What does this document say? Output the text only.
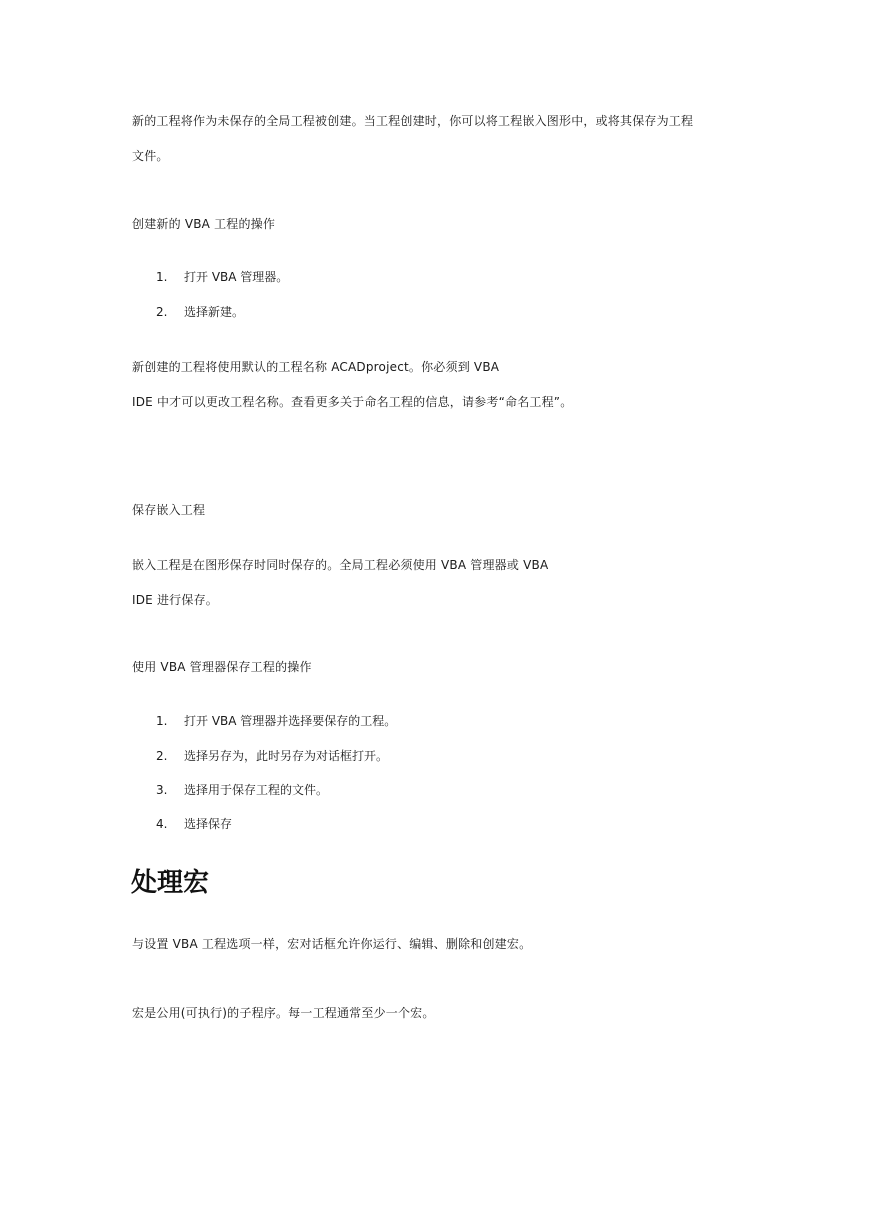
新的工程将作为未保存的全局工程被创建。当工程创建时，你可以将工程嵌入图形中，或将其保存为工程
文件。
创建新的 VBA 工程的操作
1. 打开 VBA 管理器。
2. 选择新建。
新创建的工程将使用默认的工程名称 ACADproject。你必须到 VBA
IDE 中才可以更改工程名称。查看更多关于命名工程的信息，请参考“命名工程”。
保存嵌入工程
嵌入工程是在图形保存时同时保存的。全局工程必须使用 VBA 管理器或 VBA
IDE 进行保存。
使用 VBA 管理器保存工程的操作
1. 打开 VBA 管理器并选择要保存的工程。
2. 选择另存为，此时另存为对话框打开。
3. 选择用于保存工程的文件。
4. 选择保存
处理宏
与设置 VBA 工程选项一样，宏对话框允许你运行、编辑、删除和创建宏。
宏是公用(可执行)的子程序。每一工程通常至少一个宏。
